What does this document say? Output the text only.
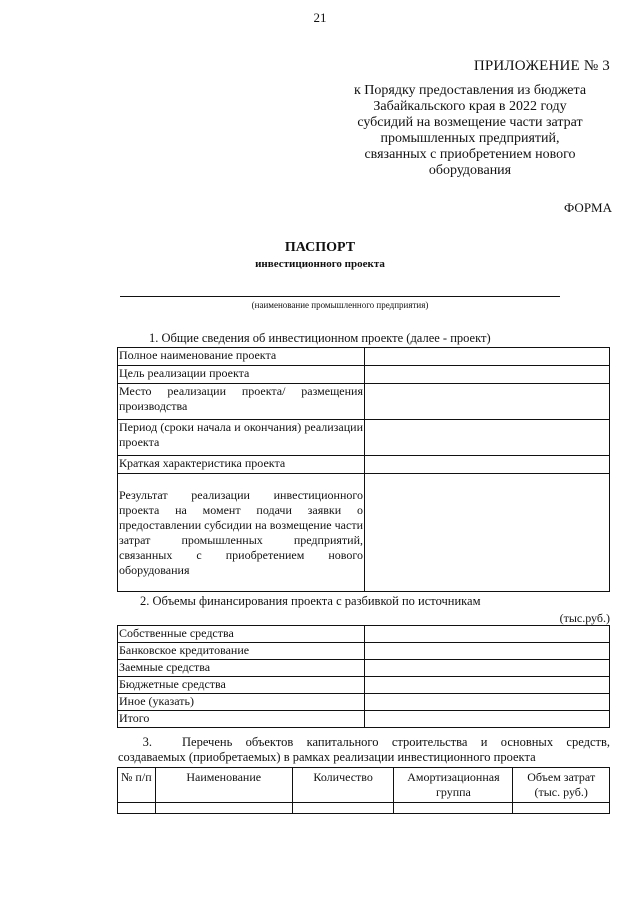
21
ПРИЛОЖЕНИЕ № 3
к Порядку предоставления из бюджета
Забайкальского края в 2022 году
субсидий на возмещение части затрат
промышленных предприятий,
связанных с приобретением нового
оборудования
ФОРМА
ПАСПОРТ
инвестиционного проекта
(наименование промышленного предприятия)
1. Общие сведения об инвестиционном проекте (далее - проект)
Полное наименование проекта	
Цель реализации проекта	
Место реализации проекта/ размещения производства	
Период (сроки начала и окончания) реализации проекта	
Краткая характеристика проекта	
Результат реализации инвестиционного проекта на момент подачи заявки о предоставлении субсидии на возмещение части затрат промышленных предприятий, связанных с приобретением нового оборудования	
2. Объемы финансирования проекта с разбивкой по источникам
(тыс.руб.)
Собственные средства	
Банковское кредитование	
Заемные средства	
Бюджетные средства	
Иное (указать)	
Итого	
3. Перечень объектов капитального строительства и основных средств, создаваемых (приобретаемых) в рамках реализации инвестиционного проекта
№ п/п	Наименование	Количество	Амортизационная группа	Объем затрат (тыс. руб.)
